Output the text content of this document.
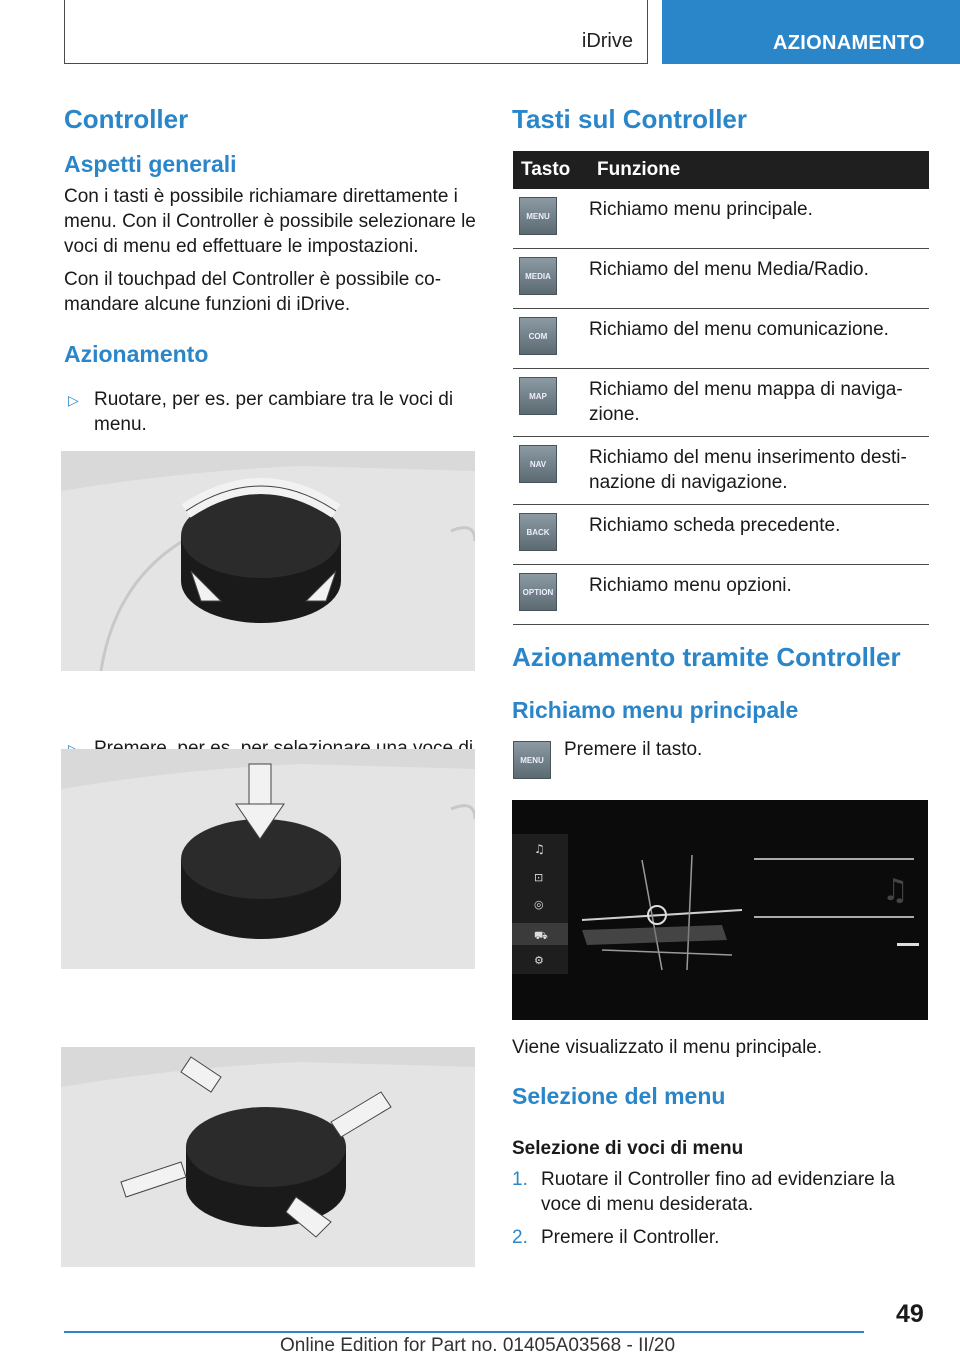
iDrive	AZIONAMENTO
Controller
Aspetti generali

Con i tasti è possibile richiamare direttamente i menu. Con il Controller è possibile selezionare le voci di menu ed effettuare le impostazioni.

Con il touchpad del Controller è possibile co-mandare alcune funzioni di iDrive.

Azionamento
▷ Ruotare, per es. per cambiare tra le voci di menu.
Tasti sul Controller
Tasto	Funzione

MENU	Richiamo menu principale.

MEDIA	Richiamo del menu Media/Radio.

COM	Richiamo del menu comunicazione.

MAP	Richiamo del menu mappa di naviga-zione.

NAV	Richiamo del menu inserimento desti-nazione di navigazione.

BACK	Richiamo scheda precedente.

OPTION	Richiamo menu opzioni.
Azionamento tramite Controller
Richiamo menu principale
MENU	Premere il tasto.

♫
⊡
◎
⛟
⚙
♫

Viene visualizzato il menu principale.

Selezione del menu

Selezione di voci di menu

1. Ruotare il Controller fino ad evidenziare la voce di menu desiderata.
2. Premere il Controller.
49
Online Edition for Part no. 01405A03568 - II/20
